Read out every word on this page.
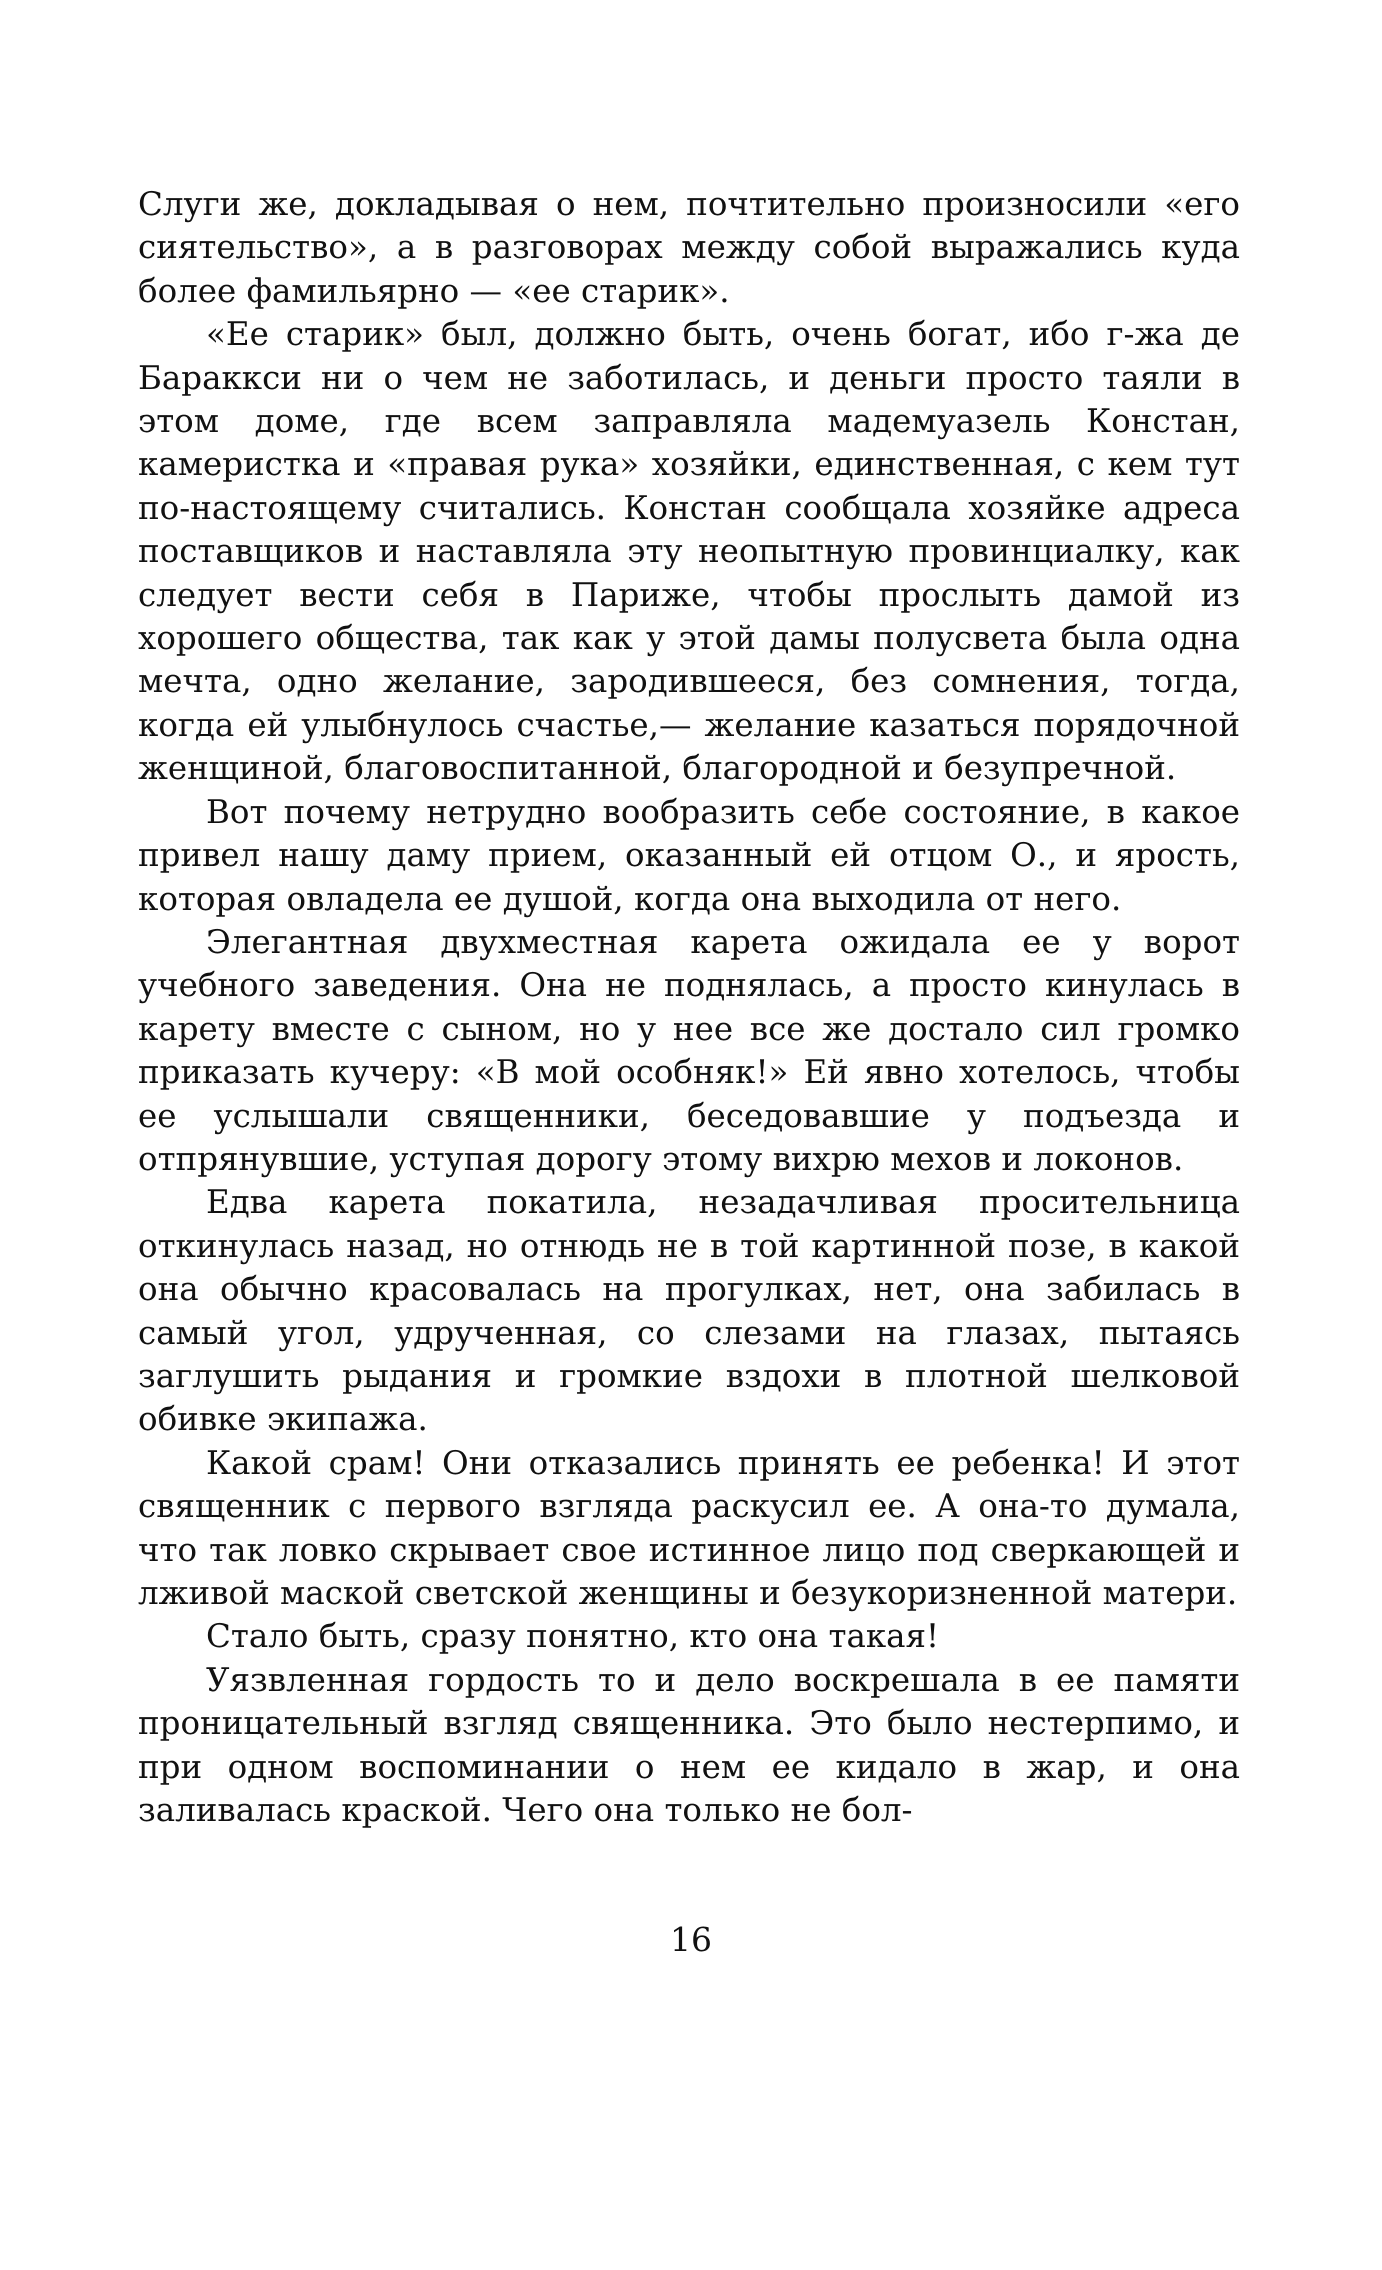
Слуги же, докладывая о нем, почтительно произносили «его сиятельство», а в разговорах между собой выражались куда более фамильярно — «ее старик».

«Ее старик» был, должно быть, очень богат, ибо г-жа де Бараккси ни о чем не заботилась, и деньги просто таяли в этом доме, где всем заправляла мадемуазель Констан, камеристка и «правая рука» хозяйки, единственная, с кем тут по-настоящему считались. Констан сообщала хозяйке адреса поставщиков и наставляла эту неопытную провинциалку, как следует вести себя в Париже, чтобы прослыть дамой из хорошего общества, так как у этой дамы полусвета была одна мечта, одно желание, зародившееся, без сомнения, тогда, когда ей улыбнулось счастье,— желание казаться порядочной женщиной, благовоспитанной, благородной и безупречной.

Вот почему нетрудно вообразить себе состояние, в какое привел нашу даму прием, оказанный ей отцом О., и ярость, которая овладела ее душой, когда она выходила от него.

Элегантная двухместная карета ожидала ее у ворот учебного заведения. Она не поднялась, а просто кинулась в карету вместе с сыном, но у нее все же достало сил громко приказать кучеру: «В мой особняк!» Ей явно хотелось, чтобы ее услышали священники, беседовавшие у подъезда и отпрянувшие, уступая дорогу этому вихрю мехов и локонов.

Едва карета покатила, незадачливая просительница откинулась назад, но отнюдь не в той картинной позе, в какой она обычно красовалась на прогулках, нет, она забилась в самый угол, удрученная, со слезами на глазах, пытаясь заглушить рыдания и громкие вздохи в плотной шелковой обивке экипажа.

Какой срам! Они отказались принять ее ребенка! И этот священник с первого взгляда раскусил ее. А она-то думала, что так ловко скрывает свое истинное лицо под сверкающей и лживой маской светской женщины и безукоризненной матери.

Стало быть, сразу понятно, кто она такая!

Уязвленная гордость то и дело воскрешала в ее памяти проницательный взгляд священника. Это было нестерпимо, и при одном воспоминании о нем ее кидало в жар, и она заливалась краской. Чего она только не бол-

16
